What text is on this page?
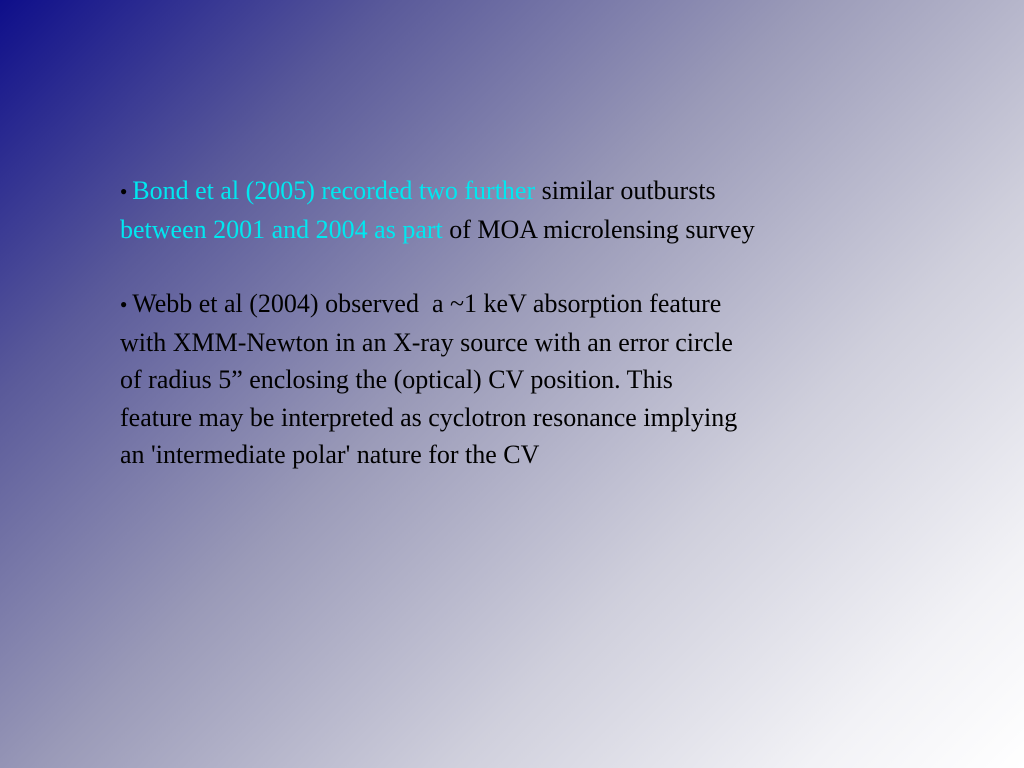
● Bond et al (2005) recorded two further similar outbursts
between 2001 and 2004 as part of MOA microlensing survey

● Webb et al (2004) observed  a ~1 keV absorption feature
with XMM-Newton in an X-ray source with an error circle
of radius 5” enclosing the (optical) CV position. This
feature may be interpreted as cyclotron resonance implying
an 'intermediate polar' nature for the CV
